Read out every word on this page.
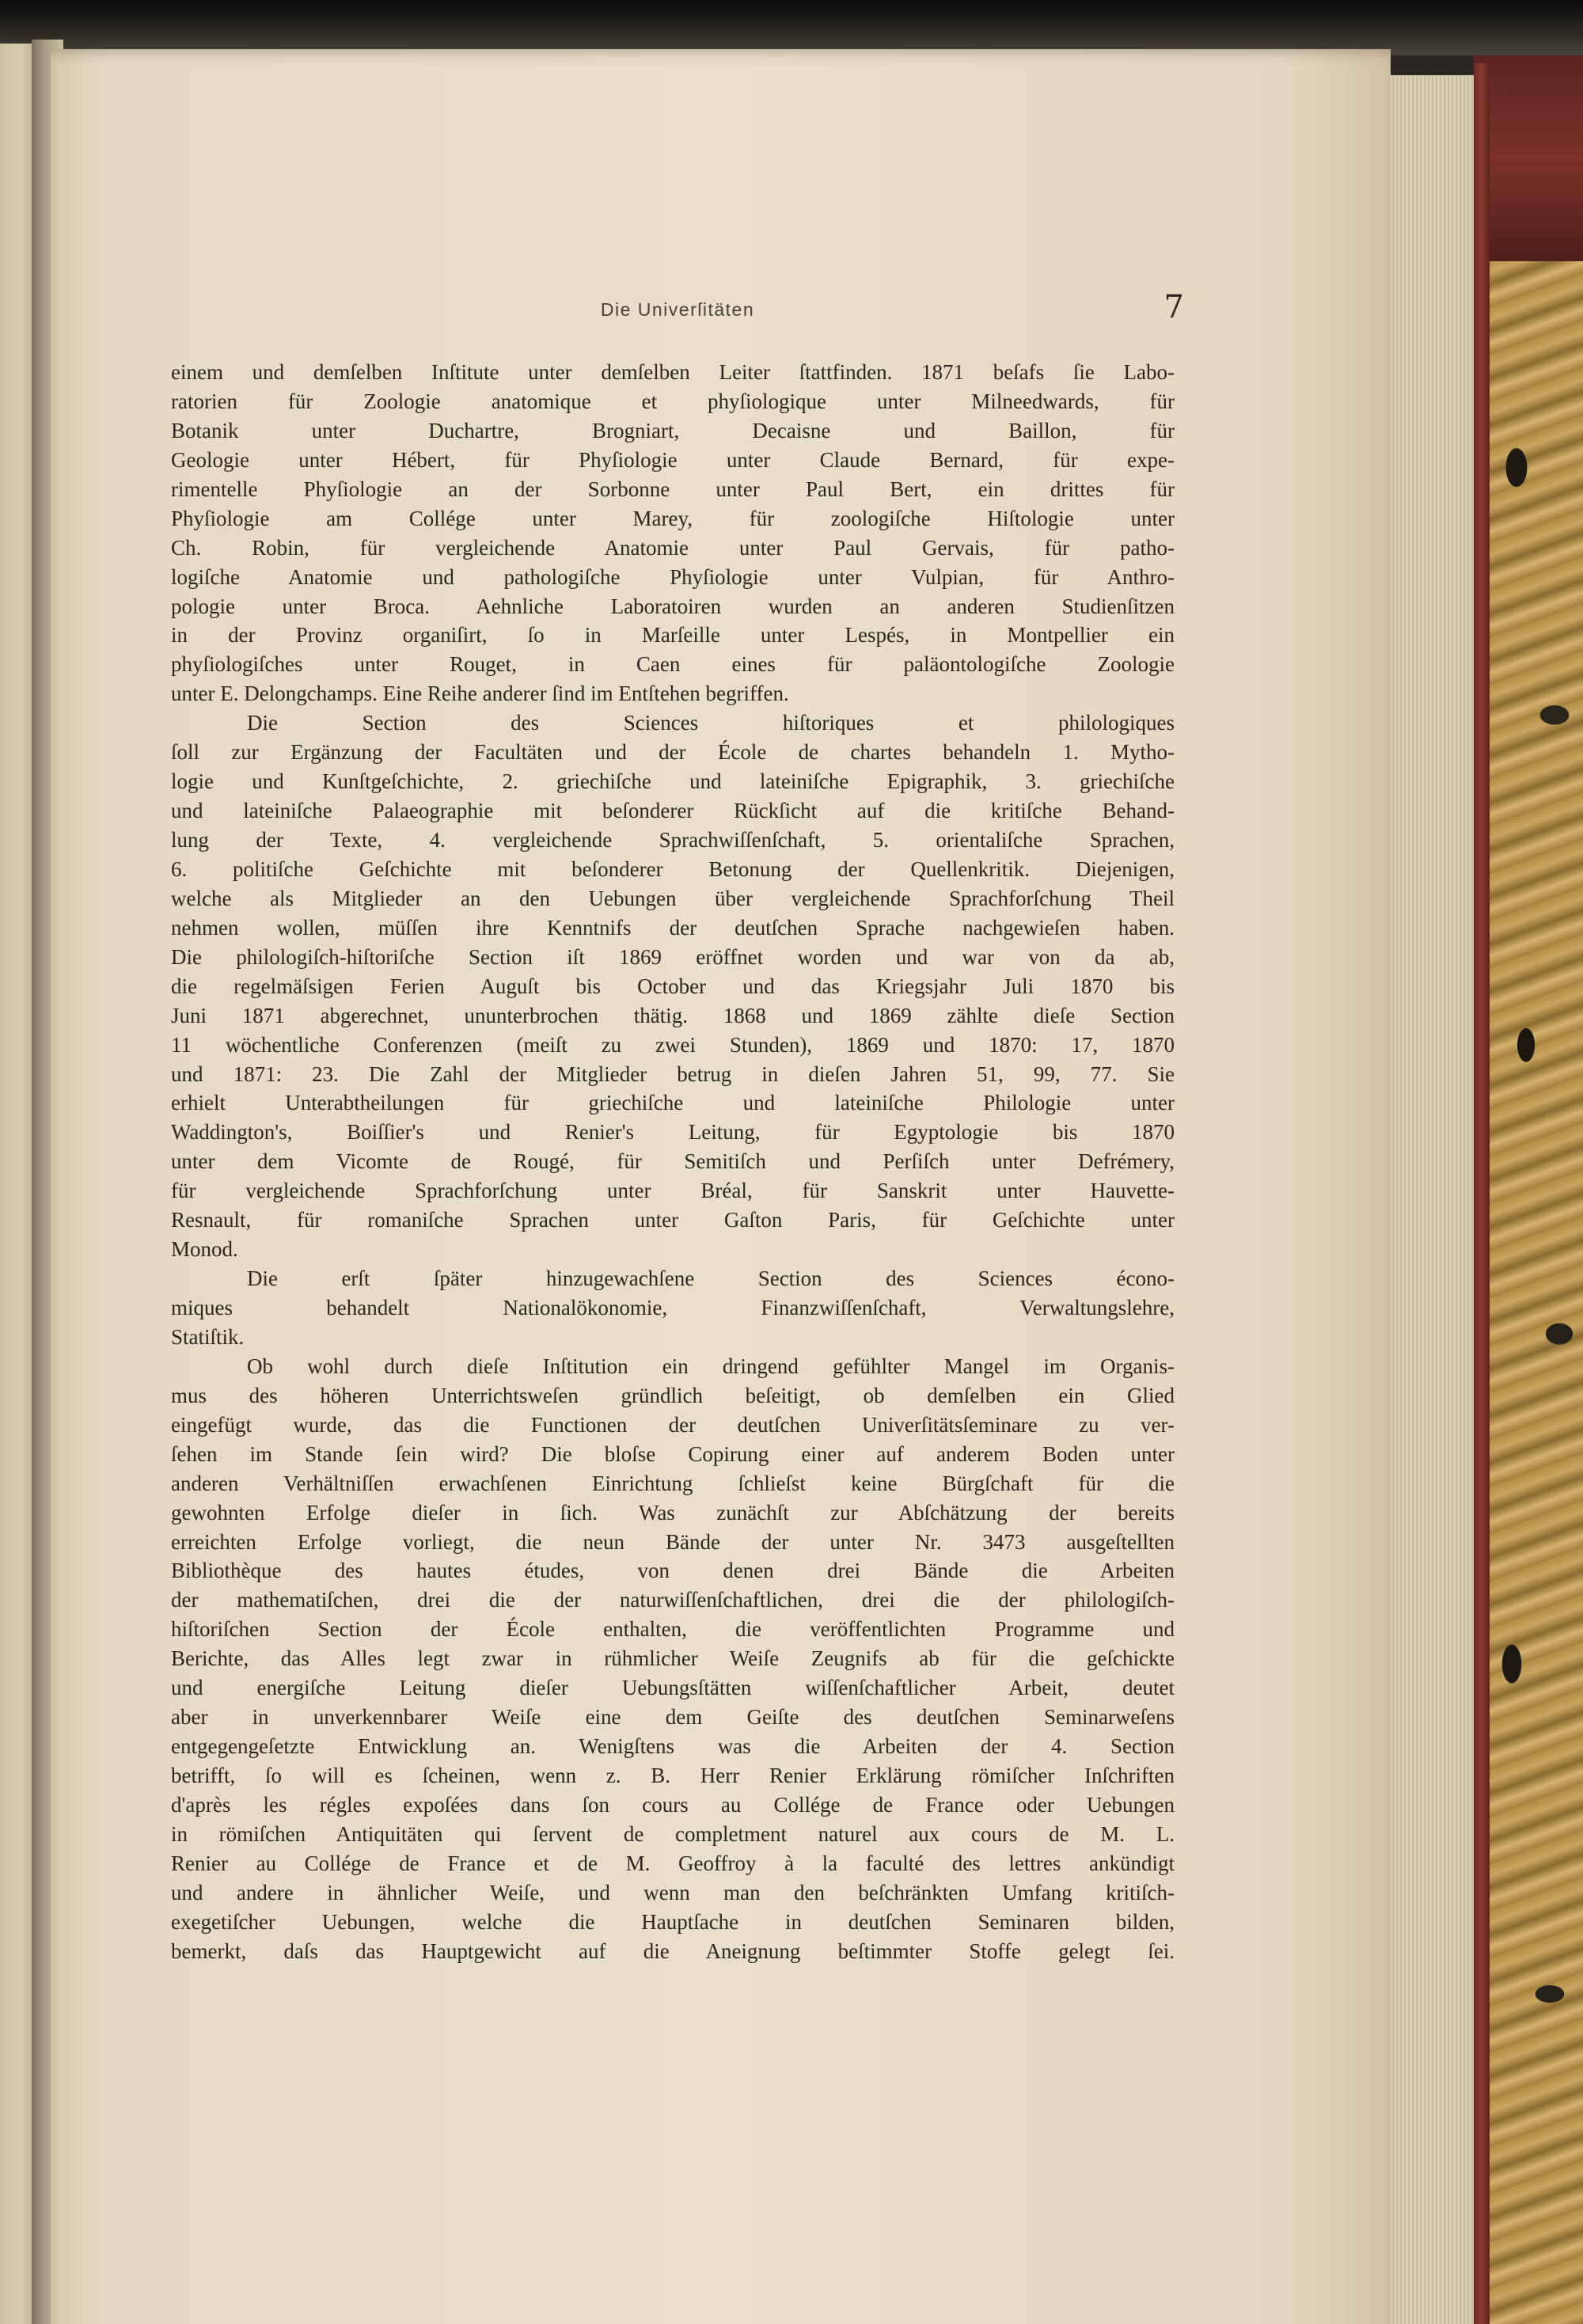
Die Univerſitäten	7
einem und demſelben Inſtitute unter demſelben Leiter ſtattfinden. 1871 beſafs ſie Labo-
ratorien für Zoologie anatomique et phyſiologique unter Milneedwards, für
Botanik unter Duchartre, Brogniart, Decaisne und Baillon, für
Geologie unter Hébert, für Phyſiologie unter Claude Bernard, für expe-
rimentelle Phyſiologie an der Sorbonne unter Paul Bert, ein drittes für
Phyſiologie am Collége unter Marey, für zoologiſche Hiſtologie unter
Ch. Robin, für vergleichende Anatomie unter Paul Gervais, für patho-
logiſche Anatomie und pathologiſche Phyſiologie unter Vulpian, für Anthro-
pologie unter Broca. Aehnliche Laboratoiren wurden an anderen Studienſitzen
in der Provinz organiſirt, ſo in Marſeille unter Lespés, in Montpellier ein
phyſiologiſches unter Rouget, in Caen eines für paläontologiſche Zoologie
unter E. Delongchamps. Eine Reihe anderer ſind im Entſtehen begriffen.
Die Section des Sciences hiſtoriques et philologiques
ſoll zur Ergänzung der Facultäten und der École de chartes behandeln 1. Mytho-
logie und Kunſtgeſchichte, 2. griechiſche und lateiniſche Epigraphik, 3. griechiſche
und lateiniſche Palaeographie mit beſonderer Rückſicht auf die kritiſche Behand-
lung der Texte, 4. vergleichende Sprachwiſſenſchaft, 5. orientaliſche Sprachen,
6. politiſche Geſchichte mit beſonderer Betonung der Quellenkritik. Diejenigen,
welche als Mitglieder an den Uebungen über vergleichende Sprachforſchung Theil
nehmen wollen, müſſen ihre Kenntnifs der deutſchen Sprache nachgewieſen haben.
Die philologiſch-hiſtoriſche Section iſt 1869 eröffnet worden und war von da ab,
die regelmäſsigen Ferien Auguſt bis October und das Kriegsjahr Juli 1870 bis
Juni 1871 abgerechnet, ununterbrochen thätig. 1868 und 1869 zählte dieſe Section
11 wöchentliche Conferenzen (meiſt zu zwei Stunden), 1869 und 1870: 17, 1870
und 1871: 23. Die Zahl der Mitglieder betrug in dieſen Jahren 51, 99, 77. Sie
erhielt Unterabtheilungen für griechiſche und lateiniſche Philologie unter
Waddington's, Boiſſier's und Renier's Leitung, für Egyptologie bis 1870
unter dem Vicomte de Rougé, für Semitiſch und Perſiſch unter Defrémery,
für vergleichende Sprachforſchung unter Bréal, für Sanskrit unter Hauvette-
Resnault, für romaniſche Sprachen unter Gaſton Paris, für Geſchichte unter
Monod.
Die erſt ſpäter hinzugewachſene Section des Sciences écono-
miques behandelt Nationalökonomie, Finanzwiſſenſchaft, Verwaltungslehre,
Statiſtik.
Ob wohl durch dieſe Inſtitution ein dringend gefühlter Mangel im Organis-
mus des höheren Unterrichtsweſen gründlich beſeitigt, ob demſelben ein Glied
eingefügt wurde, das die Functionen der deutſchen Univerſitätsſeminare zu ver-
ſehen im Stande ſein wird? Die bloſse Copirung einer auf anderem Boden unter
anderen Verhältniſſen erwachſenen Einrichtung ſchlieſst keine Bürgſchaft für die
gewohnten Erfolge dieſer in ſich. Was zunächſt zur Abſchätzung der bereits
erreichten Erfolge vorliegt, die neun Bände der unter Nr. 3473 ausgeſtellten
Bibliothèque des hautes études, von denen drei Bände die Arbeiten
der mathematiſchen, drei die der naturwiſſenſchaftlichen, drei die der philologiſch-
hiſtoriſchen Section der École enthalten, die veröffentlichten Programme und
Berichte, das Alles legt zwar in rühmlicher Weiſe Zeugnifs ab für die geſchickte
und energiſche Leitung dieſer Uebungsſtätten wiſſenſchaftlicher Arbeit, deutet
aber in unverkennbarer Weiſe eine dem Geiſte des deutſchen Seminarweſens
entgegengeſetzte Entwicklung an. Wenigſtens was die Arbeiten der 4. Section
betrifft, ſo will es ſcheinen, wenn z. B. Herr Renier Erklärung römiſcher Inſchriften
d'après les régles expoſées dans ſon cours au Collége de France oder Uebungen
in römiſchen Antiquitäten qui ſervent de completment naturel aux cours de M. L.
Renier au Collége de France et de M. Geoffroy à la faculté des lettres ankündigt
und andere in ähnlicher Weiſe, und wenn man den beſchränkten Umfang kritiſch-
exegetiſcher Uebungen, welche die Hauptſache in deutſchen Seminaren bilden,
bemerkt, daſs das Hauptgewicht auf die Aneignung beſtimmter Stoffe gelegt ſei.
